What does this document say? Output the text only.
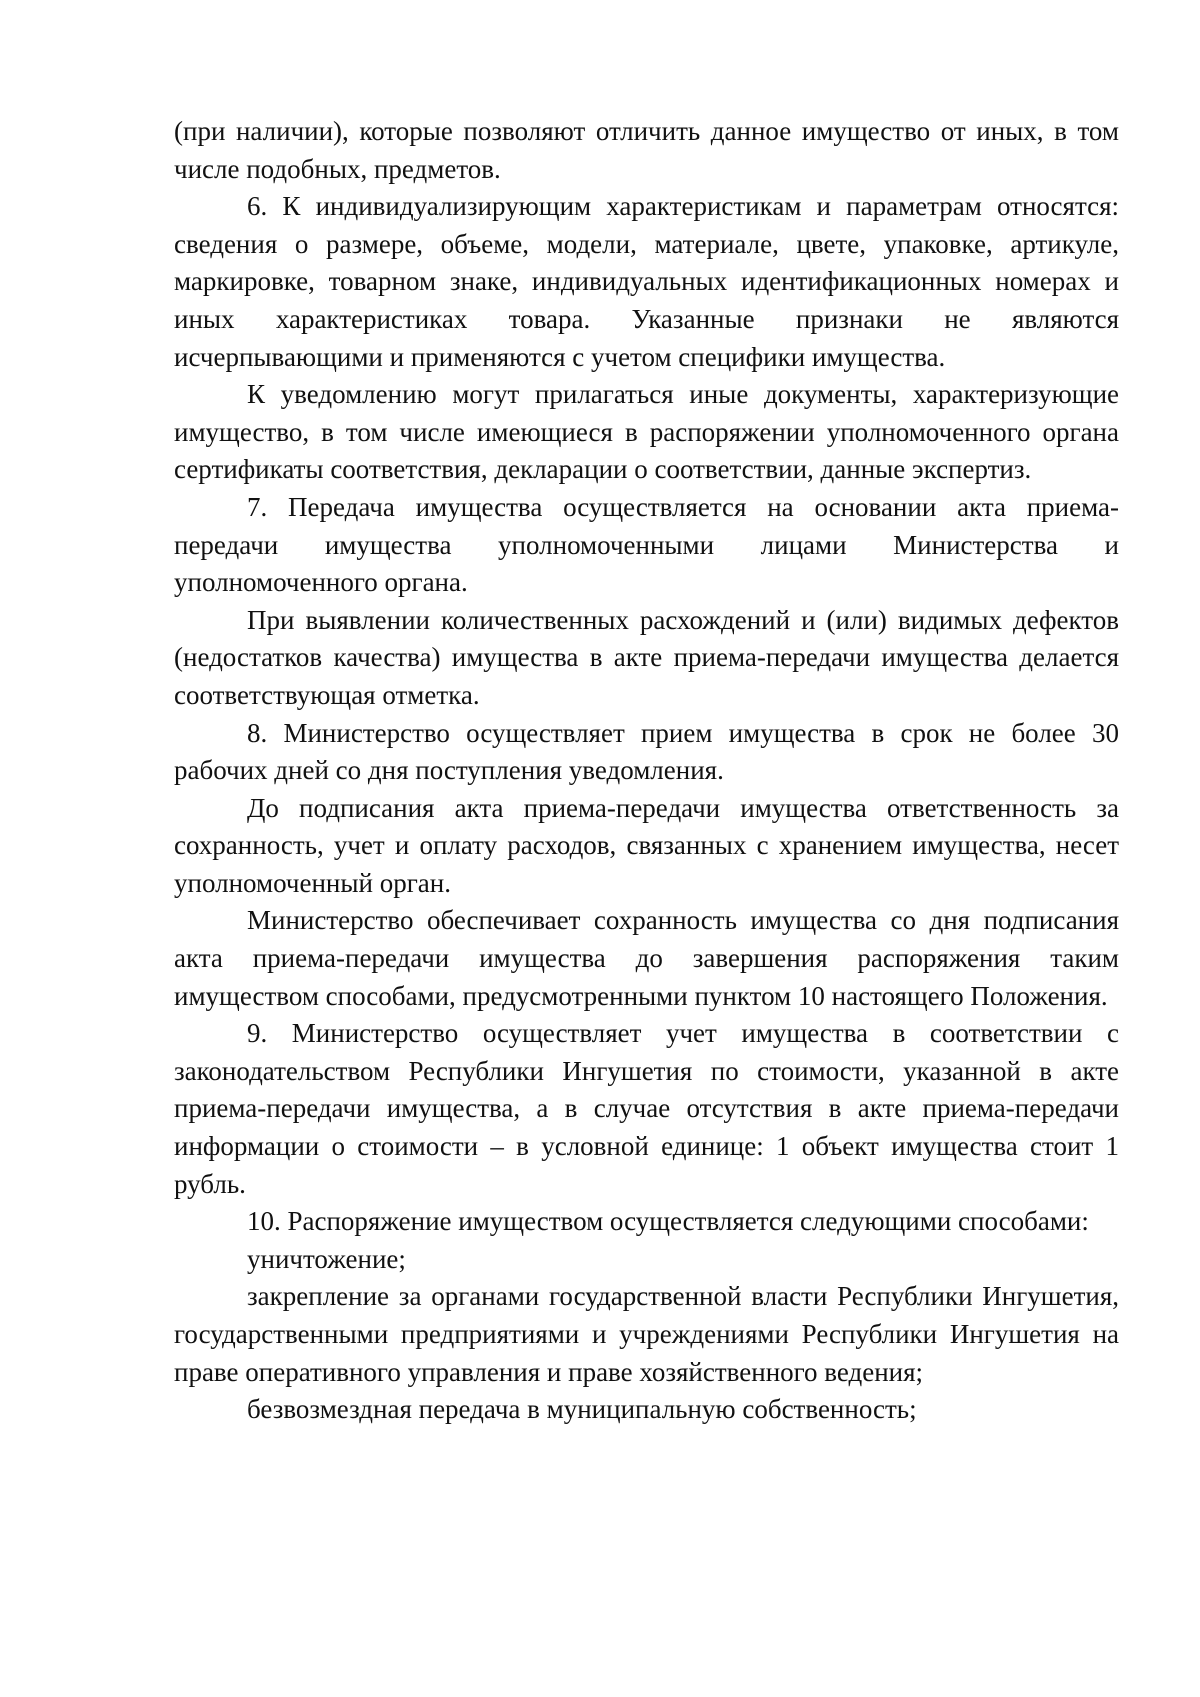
(при наличии), которые позволяют отличить данное имущество от иных, в том числе подобных, предметов.

6. К индивидуализирующим характеристикам и параметрам относятся: сведения о размере, объеме, модели, материале, цвете, упаковке, артикуле, маркировке, товарном знаке, индивидуальных идентификационных номерах и иных характеристиках товара. Указанные признаки не являются исчерпывающими и применяются с учетом специфики имущества.

К уведомлению могут прилагаться иные документы, характеризующие имущество, в том числе имеющиеся в распоряжении уполномоченного органа сертификаты соответствия, декларации о соответствии, данные экспертиз.

7. Передача имущества осуществляется на основании акта приема-передачи имущества уполномоченными лицами Министерства и уполномоченного органа.

При выявлении количественных расхождений и (или) видимых дефектов (недостатков качества) имущества в акте приема-передачи имущества делается соответствующая отметка.

8. Министерство осуществляет прием имущества в срок не более 30 рабочих дней со дня поступления уведомления.

До подписания акта приема-передачи имущества ответственность за сохранность, учет и оплату расходов, связанных с хранением имущества, несет уполномоченный орган.

Министерство обеспечивает сохранность имущества со дня подписания акта приема-передачи имущества до завершения распоряжения таким имуществом способами, предусмотренными пунктом 10 настоящего Положения.

9. Министерство осуществляет учет имущества в соответствии с законодательством Республики Ингушетия по стоимости, указанной в акте приема-передачи имущества, а в случае отсутствия в акте приема-передачи информации о стоимости – в условной единице: 1 объект имущества стоит 1 рубль.

10. Распоряжение имуществом осуществляется следующими способами:

уничтожение;

закрепление за органами государственной власти Республики Ингушетия, государственными предприятиями и учреждениями Республики Ингушетия на праве оперативного управления и праве хозяйственного ведения;

безвозмездная передача в муниципальную собственность;
